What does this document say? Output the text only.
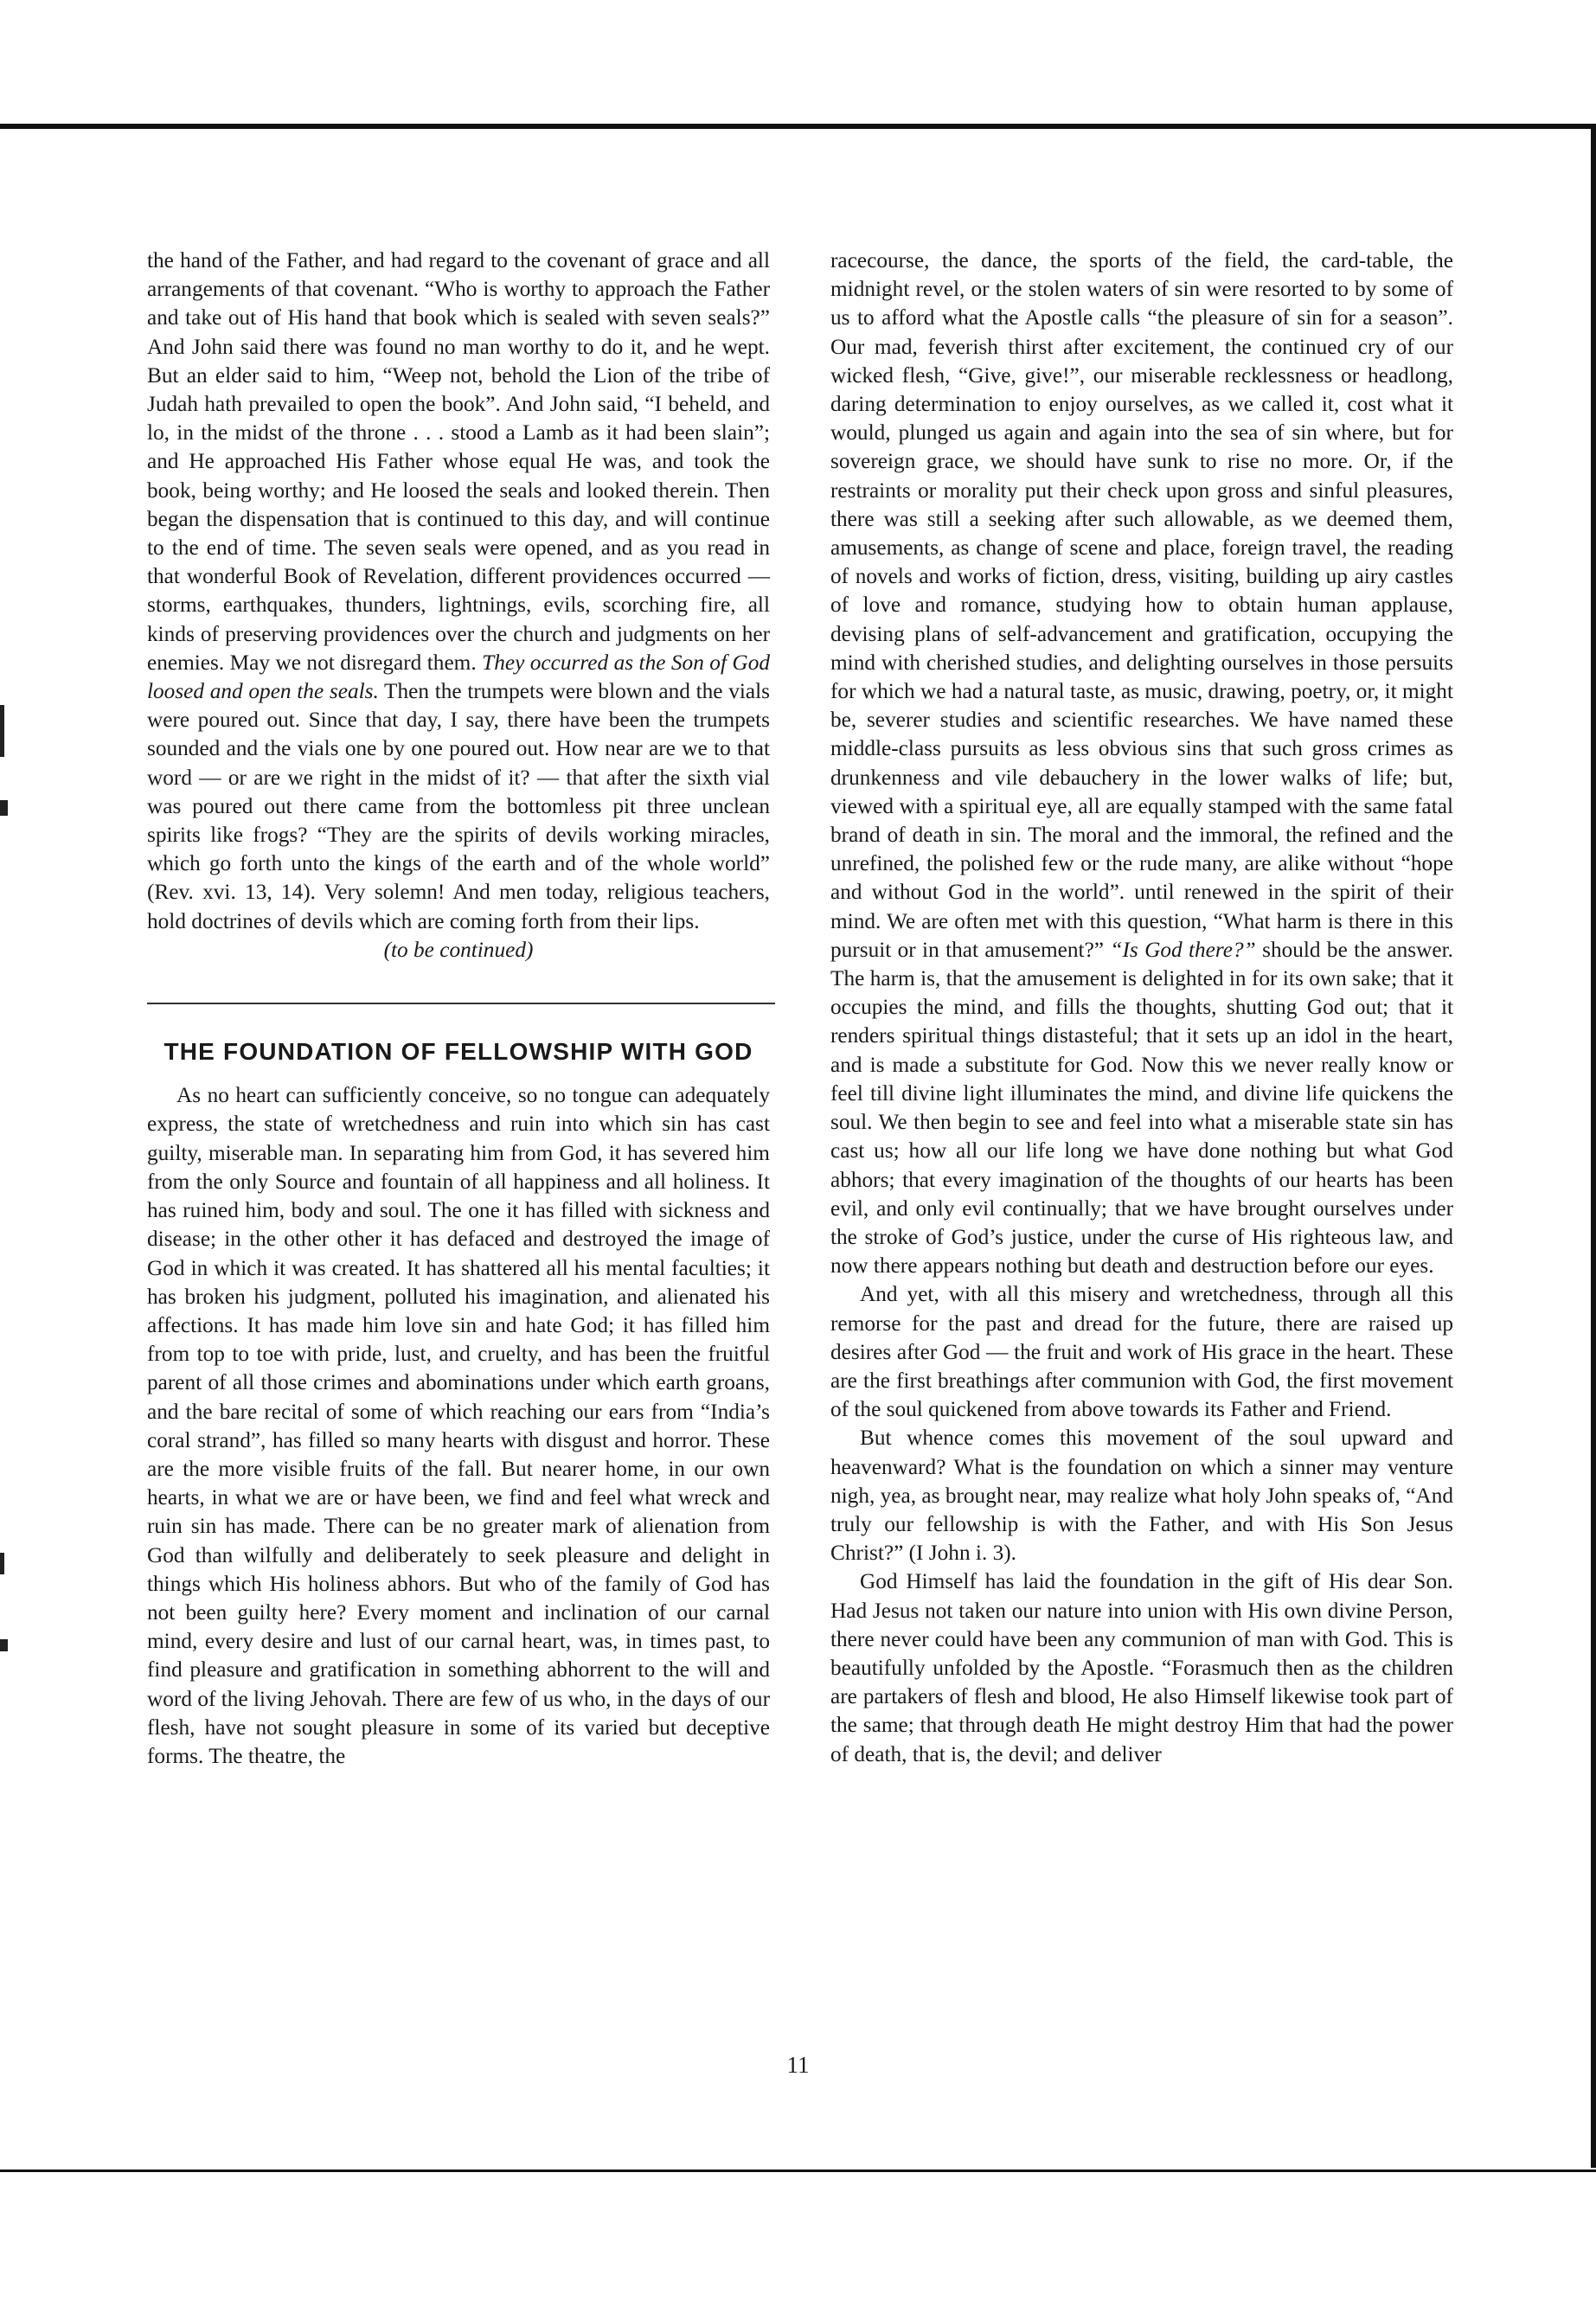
the hand of the Father, and had regard to the covenant of grace and all arrangements of that covenant. “Who is worthy to approach the Father and take out of His hand that book which is sealed with seven seals?” And John said there was found no man worthy to do it, and he wept. But an elder said to him, “Weep not, behold the Lion of the tribe of Judah hath prevailed to open the book”. And John said, “I beheld, and lo, in the midst of the throne . . . stood a Lamb as it had been slain”; and He approached His Father whose equal He was, and took the book, being worthy; and He loosed the seals and looked therein. Then began the dispensation that is continued to this day, and will continue to the end of time. The seven seals were opened, and as you read in that wonderful Book of Revelation, different providences occurred — storms, earthquakes, thunders, lightnings, evils, scorching fire, all kinds of preserving providences over the church and judgments on her enemies. May we not disregard them. They occurred as the Son of God loosed and open the seals. Then the trumpets were blown and the vials were poured out. Since that day, I say, there have been the trumpets sounded and the vials one by one poured out. How near are we to that word — or are we right in the midst of it? — that after the sixth vial was poured out there came from the bottomless pit three unclean spirits like frogs? “They are the spirits of devils working miracles, which go forth unto the kings of the earth and of the whole world” (Rev. xvi. 13, 14). Very solemn! And men today, religious teachers, hold doctrines of devils which are coming forth from their lips.

(to be continued)

THE FOUNDATION OF FELLOWSHIP WITH GOD

As no heart can sufficiently conceive, so no tongue can adequately express, the state of wretchedness and ruin into which sin has cast guilty, miserable man. In separating him from God, it has severed him from the only Source and fountain of all happiness and all holiness. It has ruined him, body and soul. The one it has filled with sickness and disease; in the other other it has defaced and destroyed the image of God in which it was created. It has shattered all his mental faculties; it has broken his judgment, polluted his imagination, and alienated his affections. It has made him love sin and hate God; it has filled him from top to toe with pride, lust, and cruelty, and has been the fruitful parent of all those crimes and abominations under which earth groans, and the bare recital of some of which reaching our ears from “India’s coral strand”, has filled so many hearts with disgust and horror. These are the more visible fruits of the fall. But nearer home, in our own hearts, in what we are or have been, we find and feel what wreck and ruin sin has made. There can be no greater mark of alienation from God than wilfully and deliberately to seek pleasure and delight in things which His holiness abhors. But who of the family of God has not been guilty here? Every moment and inclination of our carnal mind, every desire and lust of our carnal heart, was, in times past, to find pleasure and gratification in something abhorrent to the will and word of the living Jehovah. There are few of us who, in the days of our flesh, have not sought pleasure in some of its varied but deceptive forms. The theatre, the

racecourse, the dance, the sports of the field, the card-table, the midnight revel, or the stolen waters of sin were resorted to by some of us to afford what the Apostle calls “the pleasure of sin for a season”. Our mad, feverish thirst after excitement, the continued cry of our wicked flesh, “Give, give!”, our miserable recklessness or headlong, daring determination to enjoy ourselves, as we called it, cost what it would, plunged us again and again into the sea of sin where, but for sovereign grace, we should have sunk to rise no more. Or, if the restraints or morality put their check upon gross and sinful pleasures, there was still a seeking after such allowable, as we deemed them, amusements, as change of scene and place, foreign travel, the reading of novels and works of fiction, dress, visiting, building up airy castles of love and romance, studying how to obtain human applause, devising plans of self-advancement and gratification, occupying the mind with cherished studies, and delighting ourselves in those persuits for which we had a natural taste, as music, drawing, poetry, or, it might be, severer studies and scientific researches. We have named these middle-class pursuits as less obvious sins that such gross crimes as drunkenness and vile debauchery in the lower walks of life; but, viewed with a spiritual eye, all are equally stamped with the same fatal brand of death in sin. The moral and the immoral, the refined and the unrefined, the polished few or the rude many, are alike without “hope and without God in the world”. until renewed in the spirit of their mind. We are often met with this question, “What harm is there in this pursuit or in that amusement?” “Is God there?” should be the answer. The harm is, that the amusement is delighted in for its own sake; that it occupies the mind, and fills the thoughts, shutting God out; that it renders spiritual things distasteful; that it sets up an idol in the heart, and is made a substitute for God. Now this we never really know or feel till divine light illuminates the mind, and divine life quickens the soul. We then begin to see and feel into what a miserable state sin has cast us; how all our life long we have done nothing but what God abhors; that every imagination of the thoughts of our hearts has been evil, and only evil continually; that we have brought ourselves under the stroke of God’s justice, under the curse of His righteous law, and now there appears nothing but death and destruction before our eyes.

And yet, with all this misery and wretchedness, through all this remorse for the past and dread for the future, there are raised up desires after God — the fruit and work of His grace in the heart. These are the first breathings after communion with God, the first movement of the soul quickened from above towards its Father and Friend.

But whence comes this movement of the soul upward and heavenward? What is the foundation on which a sinner may venture nigh, yea, as brought near, may realize what holy John speaks of, “And truly our fellowship is with the Father, and with His Son Jesus Christ?” (I John i. 3).

God Himself has laid the foundation in the gift of His dear Son. Had Jesus not taken our nature into union with His own divine Person, there never could have been any communion of man with God. This is beautifully unfolded by the Apostle. “Forasmuch then as the children are partakers of flesh and blood, He also Himself likewise took part of the same; that through death He might destroy Him that had the power of death, that is, the devil; and deliver

11
